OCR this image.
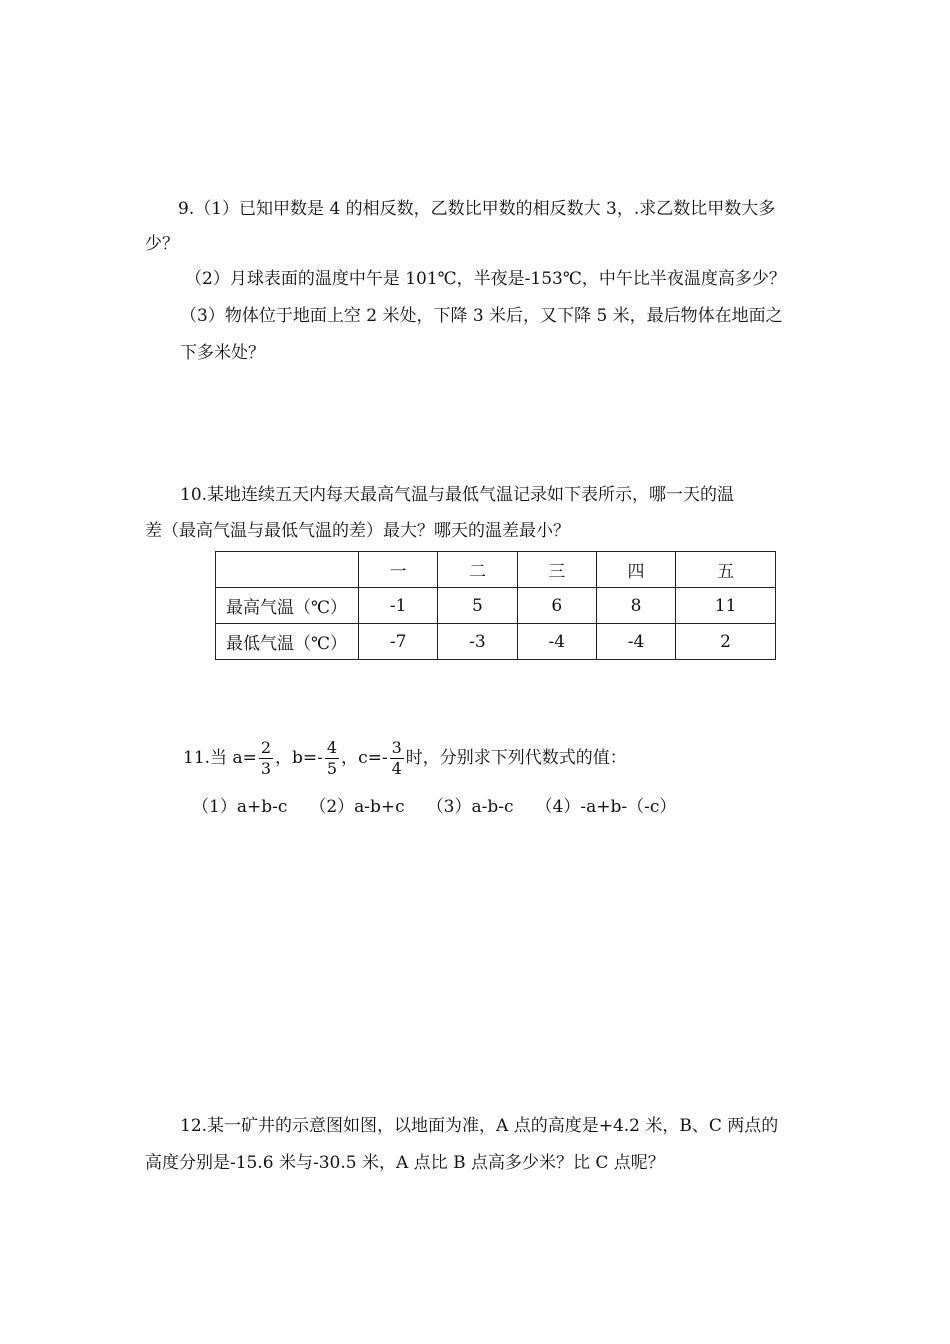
9.（1）已知甲数是 4 的相反数，乙数比甲数的相反数大 3，.求乙数比甲数大多
少？
（2）月球表面的温度中午是 101℃，半夜是-153℃，中午比半夜温度高多少？
（3）物体位于地面上空 2 米处，下降 3 米后，又下降 5 米，最后物体在地面之
下多米处？
10.某地连续五天内每天最高气温与最低气温记录如下表所示，哪一天的温
差（最高气温与最低气温的差）最大？哪天的温差最小？
	一	二	三	四	五
最高气温（℃）	-1	5	6	8	11
最低气温（℃）	-7	-3	-4	-4	2
11.当 $a= \frac{2}{3}$ ，$b=- \frac{4}{5}$ ，$c=- \frac{3}{4}$ 时，分别求下列代数式的值：
（1）a+b-c （2）a-b+c （3）a-b-c （4）-a+b-（-c）
12.某一矿井的示意图如图，以地面为准，A 点的高度是+4.2 米，B、C 两点的
高度分别是-15.6 米与-30.5 米，A 点比 B 点高多少米？比 C 点呢？
